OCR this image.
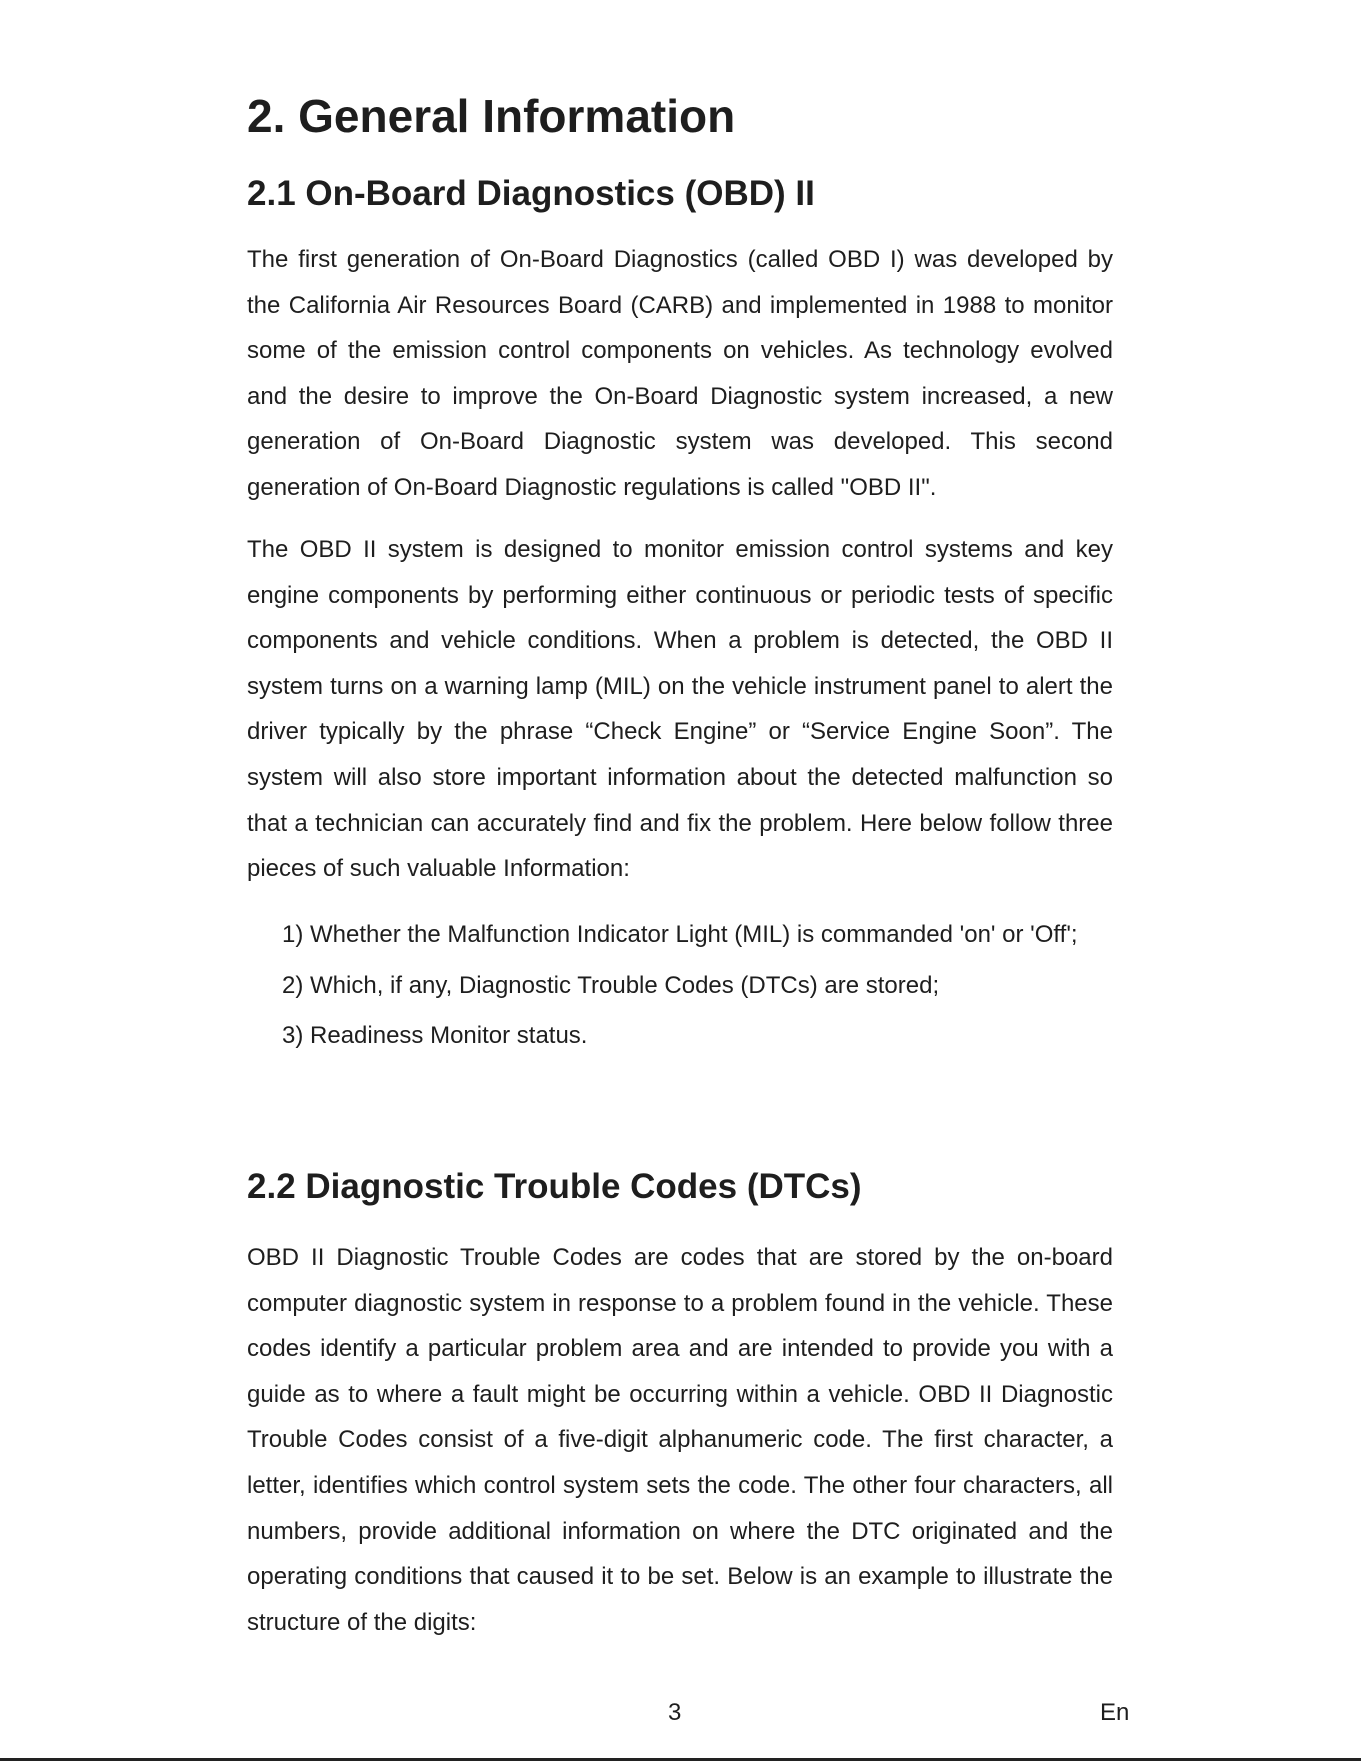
2. General Information
2.1 On-Board Diagnostics (OBD) II

The first generation of On-Board Diagnostics (called OBD I) was developed by the California Air Resources Board (CARB) and implemented in 1988 to monitor some of the emission control components on vehicles. As technology evolved and the desire to improve the On-Board Diagnostic system increased, a new generation of On-Board Diagnostic system was developed. This second generation of On-Board Diagnostic regulations is called "OBD II".

The OBD II system is designed to monitor emission control systems and key engine components by performing either continuous or periodic tests of specific components and vehicle conditions. When a problem is detected, the OBD II system turns on a warning lamp (MIL) on the vehicle instrument panel to alert the driver typically by the phrase “Check Engine” or “Service Engine Soon”. The system will also store important information about the detected malfunction so that a technician can accurately find and fix the problem. Here below follow three pieces of such valuable Information:

1) Whether the Malfunction Indicator Light (MIL) is commanded 'on' or 'Off';
2) Which, if any, Diagnostic Trouble Codes (DTCs) are stored;
3) Readiness Monitor status.
2.2 Diagnostic Trouble Codes (DTCs)

OBD II Diagnostic Trouble Codes are codes that are stored by the on-board computer diagnostic system in response to a problem found in the vehicle. These codes identify a particular problem area and are intended to provide you with a guide as to where a fault might be occurring within a vehicle. OBD II Diagnostic Trouble Codes consist of a five-digit alphanumeric code. The first character, a letter, identifies which control system sets the code. The other four characters, all numbers, provide additional information on where the DTC originated and the operating conditions that caused it to be set. Below is an example to illustrate the structure of the digits:

3	En
